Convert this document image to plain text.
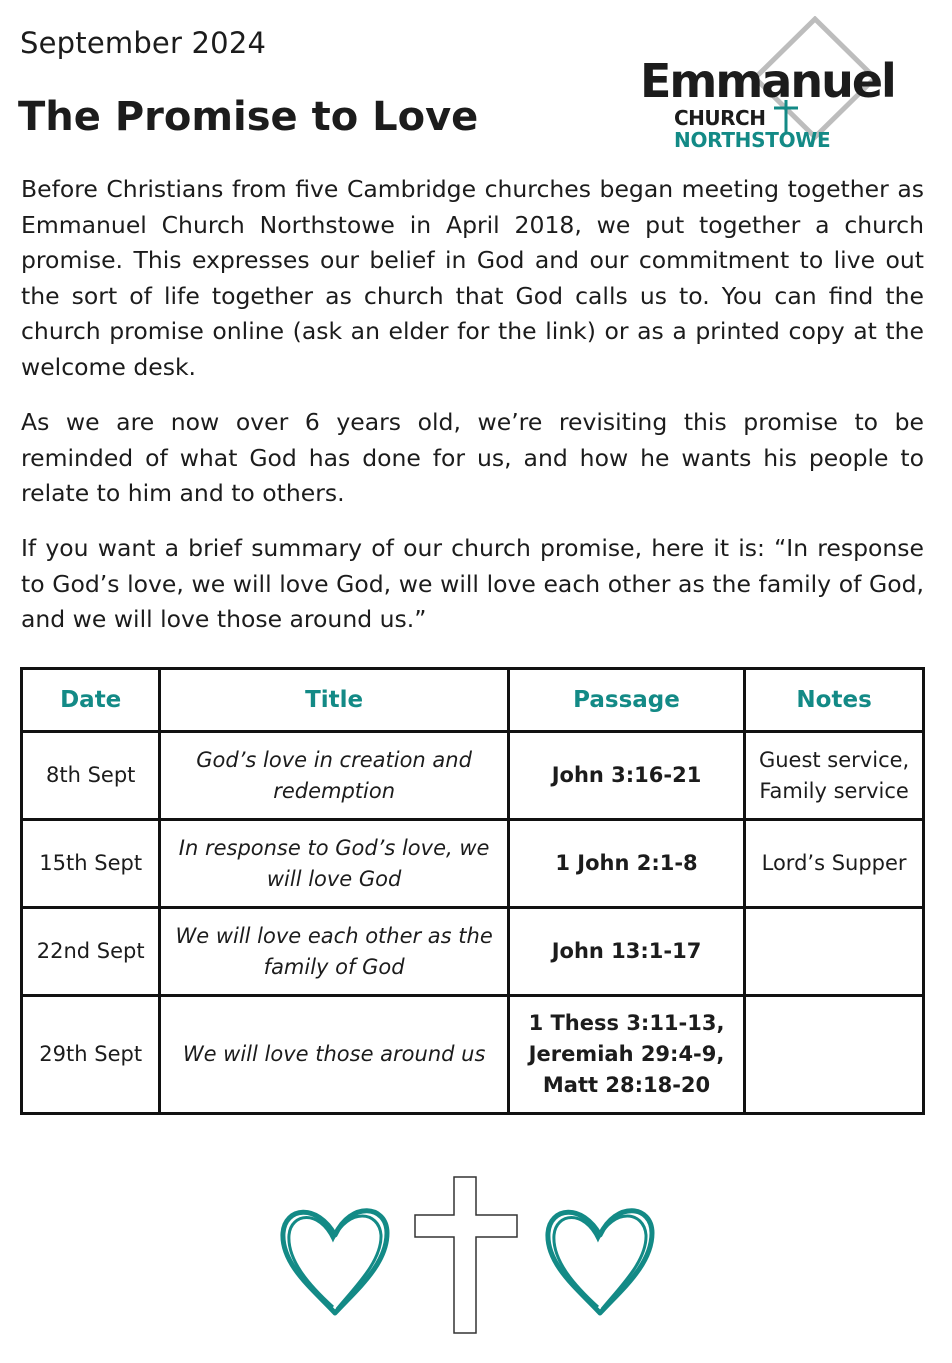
September 2024
The Promise to Love
Emmanuel
CHURCH
NORTHSTOWE

Before Christians from five Cambridge churches began meeting together as Emmanuel Church Northstowe in April 2018, we put together a church promise. This expresses our belief in God and our commitment to live out the sort of life together as church that God calls us to. You can find the church promise online (ask an elder for the link) or as a printed copy at the welcome desk.

As we are now over 6 years old, we’re revisiting this promise to be reminded of what God has done for us, and how he wants his people to relate to him and to others.

If you want a brief summary of our church promise, here it is: “In response to God’s love, we will love God, we will love each other as the family of God, and we will love those around us.”

Date	Title	Passage	Notes
8th Sept	God’s love in creation and redemption	John 3:16-21	Guest service, Family service
15th Sept	In response to God’s love, we will love God	1 John 2:1-8	Lord’s Supper
22nd Sept	We will love each other as the family of God	John 13:1-17	
29th Sept	We will love those around us	1 Thess 3:11-13, Jeremiah 29:4-9, Matt 28:18-20	
